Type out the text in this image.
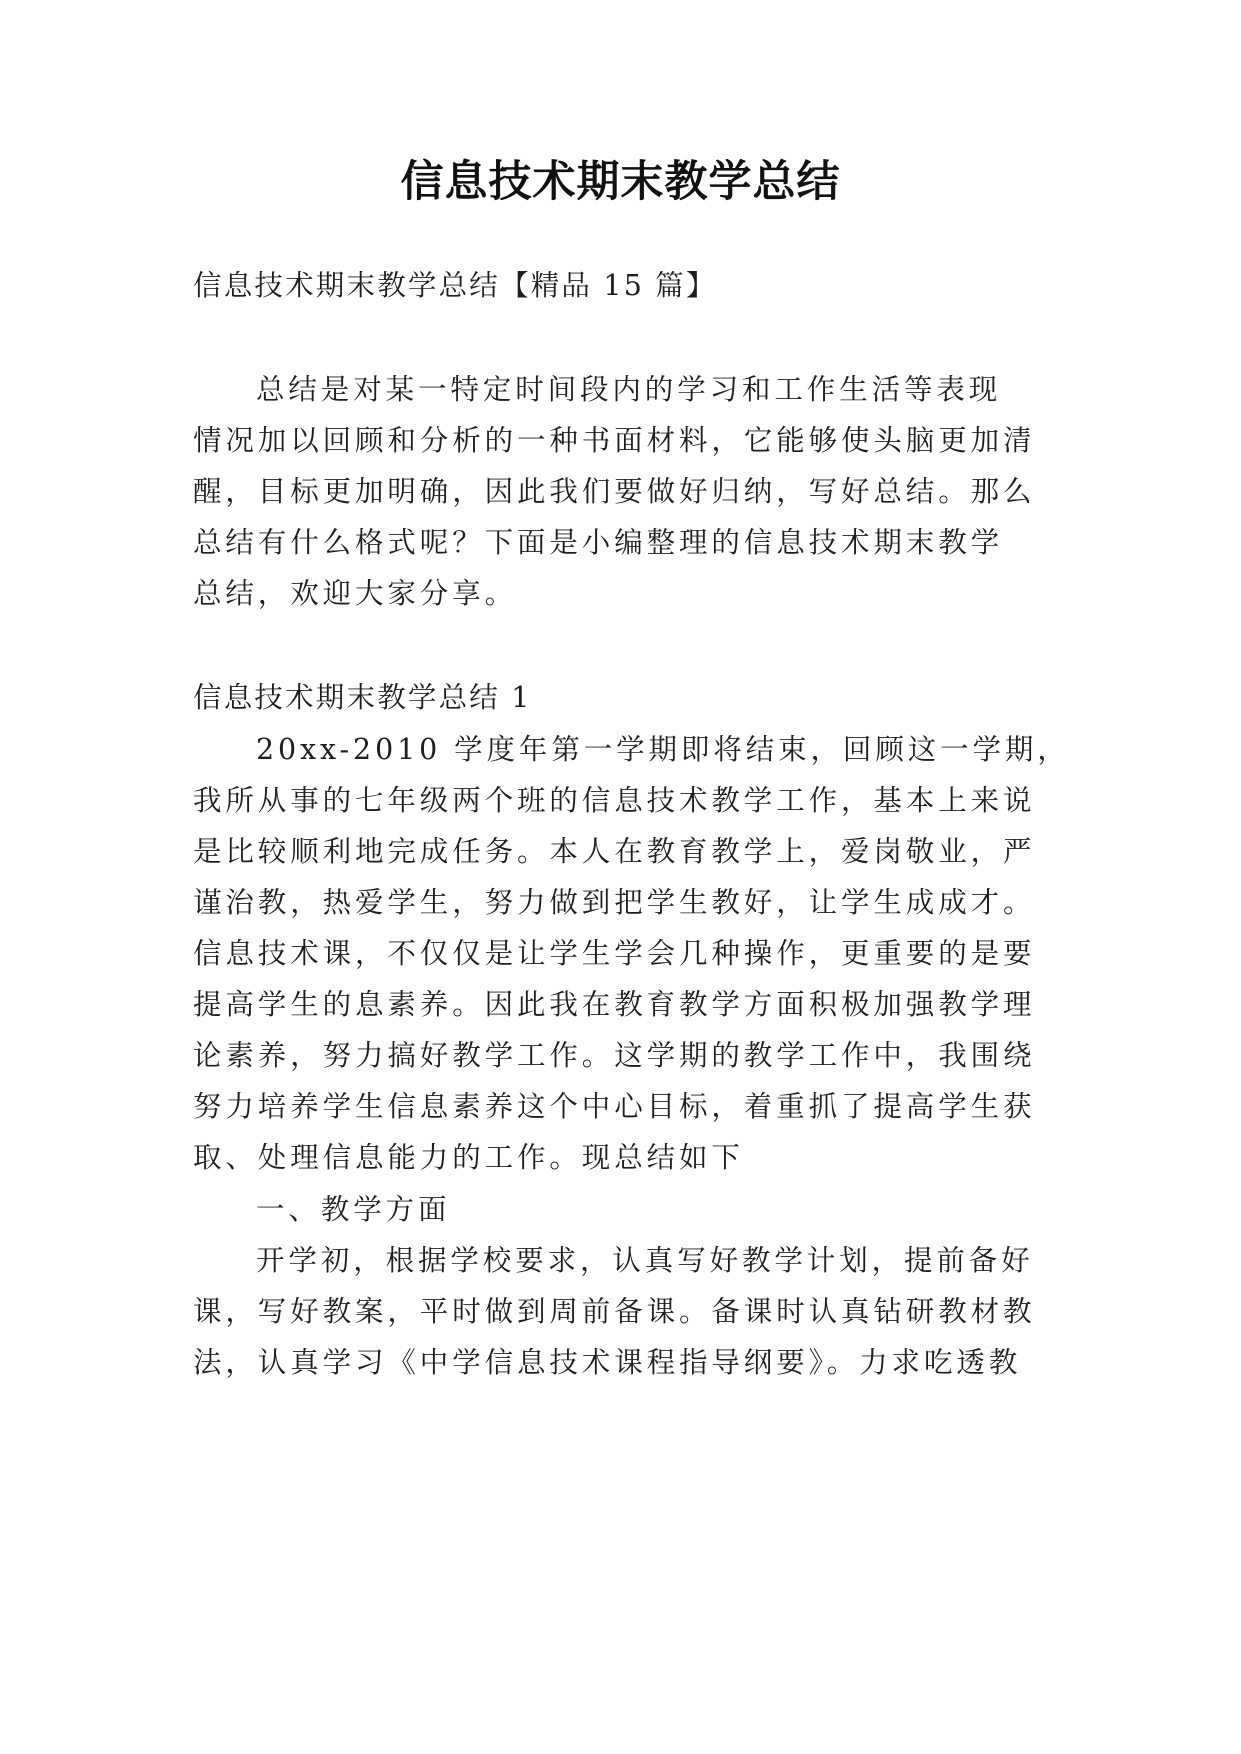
信息技术期末教学总结
信息技术期末教学总结【精品 15 篇】
总结是对某一特定时间段内的学习和工作生活等表现
情况加以回顾和分析的一种书面材料，它能够使头脑更加清
醒，目标更加明确，因此我们要做好归纳，写好总结。那么
总结有什么格式呢？下面是小编整理的信息技术期末教学
总结，欢迎大家分享。
信息技术期末教学总结 1
20xx-2010 学度年第一学期即将结束，回顾这一学期，
我所从事的七年级两个班的信息技术教学工作，基本上来说
是比较顺利地完成任务。本人在教育教学上，爱岗敬业，严
谨治教，热爱学生，努力做到把学生教好，让学生成成才。
信息技术课，不仅仅是让学生学会几种操作，更重要的是要
提高学生的息素养。因此我在教育教学方面积极加强教学理
论素养，努力搞好教学工作。这学期的教学工作中，我围绕
努力培养学生信息素养这个中心目标，着重抓了提高学生获
取、处理信息能力的工作。现总结如下
一、教学方面
开学初，根据学校要求，认真写好教学计划，提前备好
课，写好教案，平时做到周前备课。备课时认真钻研教材教
法，认真学习《中学信息技术课程指导纲要》。力求吃透教
